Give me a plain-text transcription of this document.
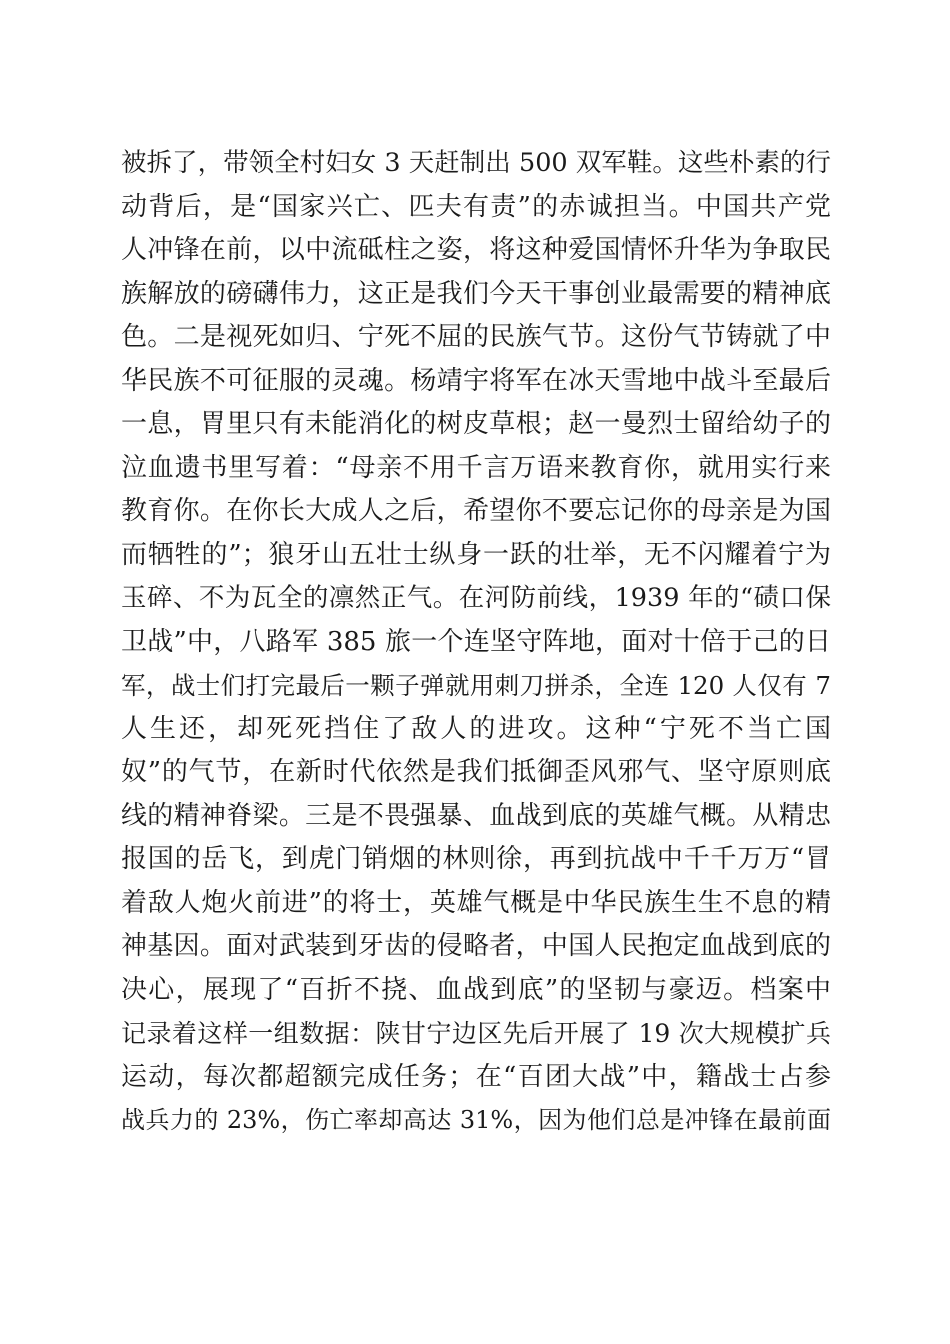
被拆了，带领全村妇女 3 天赶制出 500 双军鞋。这些朴素的行
动背后，是“国家兴亡、匹夫有责”的赤诚担当。中国共产党
人冲锋在前，以中流砥柱之姿，将这种爱国情怀升华为争取民
族解放的磅礴伟力，这正是我们今天干事创业最需要的精神底
色。二是视死如归、宁死不屈的民族气节。这份气节铸就了中
华民族不可征服的灵魂。杨靖宇将军在冰天雪地中战斗至最后
一息，胃里只有未能消化的树皮草根；赵一曼烈士留给幼子的
泣血遗书里写着：“母亲不用千言万语来教育你，就用实行来
教育你。在你长大成人之后，希望你不要忘记你的母亲是为国
而牺牲的”；狼牙山五壮士纵身一跃的壮举，无不闪耀着宁为
玉碎、不为瓦全的凛然正气。在河防前线，1939 年的“碛口保
卫战”中，八路军 385 旅一个连坚守阵地，面对十倍于己的日
军，战士们打完最后一颗子弹就用刺刀拼杀，全连 120 人仅有 7
人生还，却死死挡住了敌人的进攻。这种“宁死不当亡国
奴”的气节，在新时代依然是我们抵御歪风邪气、坚守原则底
线的精神脊梁。三是不畏强暴、血战到底的英雄气概。从精忠
报国的岳飞，到虎门销烟的林则徐，再到抗战中千千万万“冒
着敌人炮火前进”的将士，英雄气概是中华民族生生不息的精
神基因。面对武装到牙齿的侵略者，中国人民抱定血战到底的
决心，展现了“百折不挠、血战到底”的坚韧与豪迈。档案中
记录着这样一组数据：陕甘宁边区先后开展了 19 次大规模扩兵
运动，每次都超额完成任务；在“百团大战”中，籍战士占参
战兵力的 23%，伤亡率却高达 31%，因为他们总是冲锋在最前面
